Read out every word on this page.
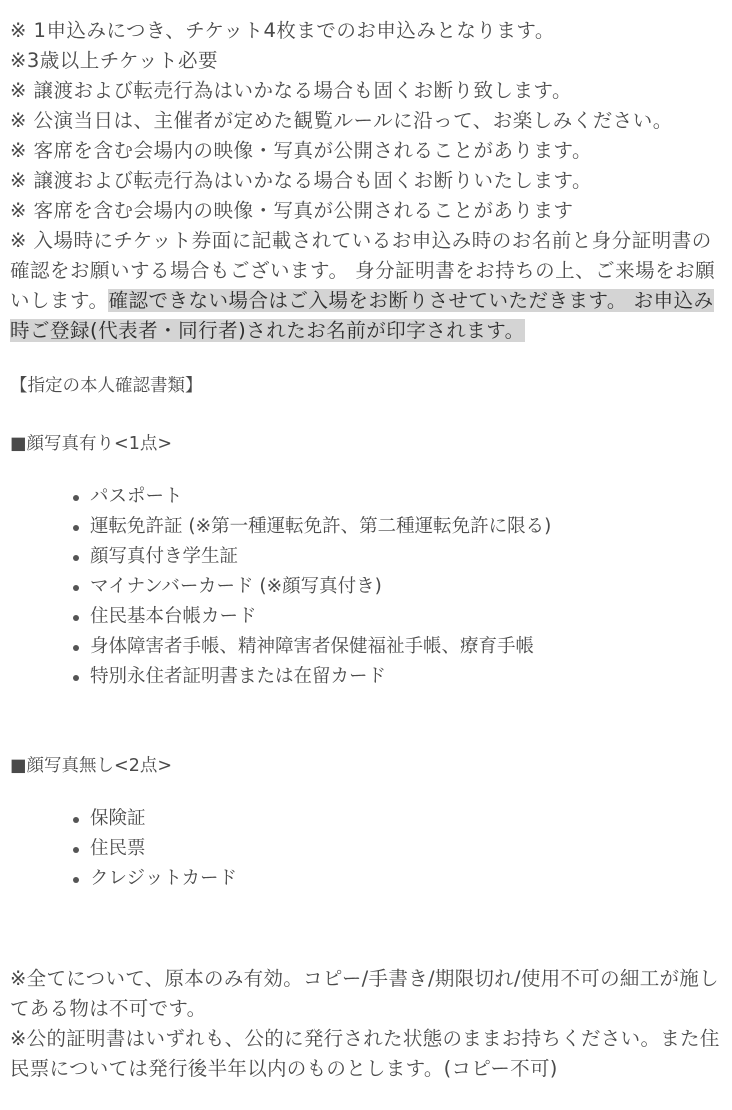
※ 1申込みにつき、チケット4枚までのお申込みとなります。
※3歳以上チケット必要
※ 譲渡および転売行為はいかなる場合も固くお断り致します。
※ 公演当日は、主催者が定めた観覧ルールに沿って、お楽しみください。
※ 客席を含む会場内の映像・写真が公開されることがあります。
※ 譲渡および転売行為はいかなる場合も固くお断りいたします。
※ 客席を含む会場内の映像・写真が公開されることがあります
※ 入場時にチケット券面に記載されているお申込み時のお名前と身分証明書の確認をお願いする場合もございます。 身分証明書をお持ちの上、ご来場をお願いします。確認できない場合はご入場をお断りさせていただきます。 お申込み時ご登録(代表者・同行者)されたお名前が印字されます。

【指定の本人確認書類】

■顔写真有り<1点>

パスポート
運転免許証 (※第一種運転免許、第二種運転免許に限る)
顔写真付き学生証
マイナンバーカード (※顔写真付き)
住民基本台帳カード
身体障害者手帳、精神障害者保健福祉手帳、療育手帳
特別永住者証明書または在留カード

■顔写真無し<2点>

保険証
住民票
クレジットカード
※全てについて、原本のみ有効。コピー/手書き/期限切れ/使用不可の細工が施してある物は不可です。
※公的証明書はいずれも、公的に発行された状態のままお持ちください。また住民票については発行後半年以内のものとします。(コピー不可)
